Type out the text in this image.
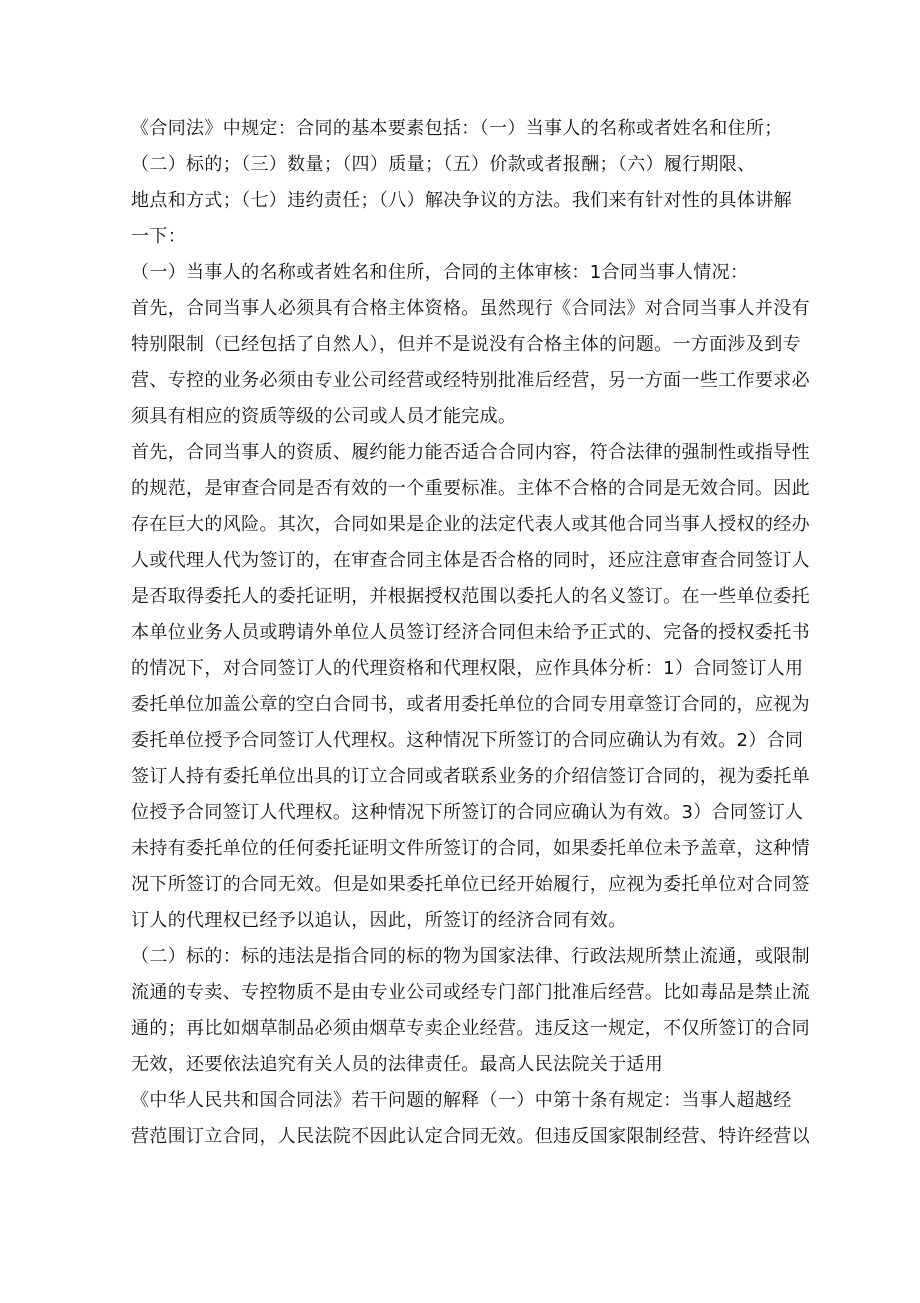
《合同法》中规定：合同的基本要素包括：（一）当事人的名称或者姓名和住所；
（二）标的；（三）数量；（四）质量；（五）价款或者报酬；（六）履行期限、
地点和方式；（七）违约责任；（八）解决争议的方法。我们来有针对性的具体讲解
一下：
（一）当事人的名称或者姓名和住所，合同的主体审核：1合同当事人情况：
首先，合同当事人必须具有合格主体资格。虽然现行《合同法》对合同当事人并没有
特别限制（已经包括了自然人），但并不是说没有合格主体的问题。一方面涉及到专
营、专控的业务必须由专业公司经营或经特别批准后经营，另一方面一些工作要求必
须具有相应的资质等级的公司或人员才能完成。
首先，合同当事人的资质、履约能力能否适合合同内容，符合法律的强制性或指导性
的规范，是审查合同是否有效的一个重要标准。主体不合格的合同是无效合同。因此
存在巨大的风险。其次，合同如果是企业的法定代表人或其他合同当事人授权的经办
人或代理人代为签订的，在审查合同主体是否合格的同时，还应注意审查合同签订人
是否取得委托人的委托证明，并根据授权范围以委托人的名义签订。在一些单位委托
本单位业务人员或聘请外单位人员签订经济合同但未给予正式的、完备的授权委托书
的情况下，对合同签订人的代理资格和代理权限，应作具体分析：1）合同签订人用
委托单位加盖公章的空白合同书，或者用委托单位的合同专用章签订合同的，应视为
委托单位授予合同签订人代理权。这种情况下所签订的合同应确认为有效。2）合同
签订人持有委托单位出具的订立合同或者联系业务的介绍信签订合同的，视为委托单
位授予合同签订人代理权。这种情况下所签订的合同应确认为有效。3）合同签订人
未持有委托单位的任何委托证明文件所签订的合同，如果委托单位未予盖章，这种情
况下所签订的合同无效。但是如果委托单位已经开始履行，应视为委托单位对合同签
订人的代理权已经予以追认，因此，所签订的经济合同有效。
（二）标的：标的违法是指合同的标的物为国家法律、行政法规所禁止流通，或限制
流通的专卖、专控物质不是由专业公司或经专门部门批准后经营。比如毒品是禁止流
通的；再比如烟草制品必须由烟草专卖企业经营。违反这一规定，不仅所签订的合同
无效，还要依法追究有关人员的法律责任。最高人民法院关于适用
《中华人民共和国合同法》若干问题的解释（一）中第十条有规定：当事人超越经
营范围订立合同，人民法院不因此认定合同无效。但违反国家限制经营、特许经营以
